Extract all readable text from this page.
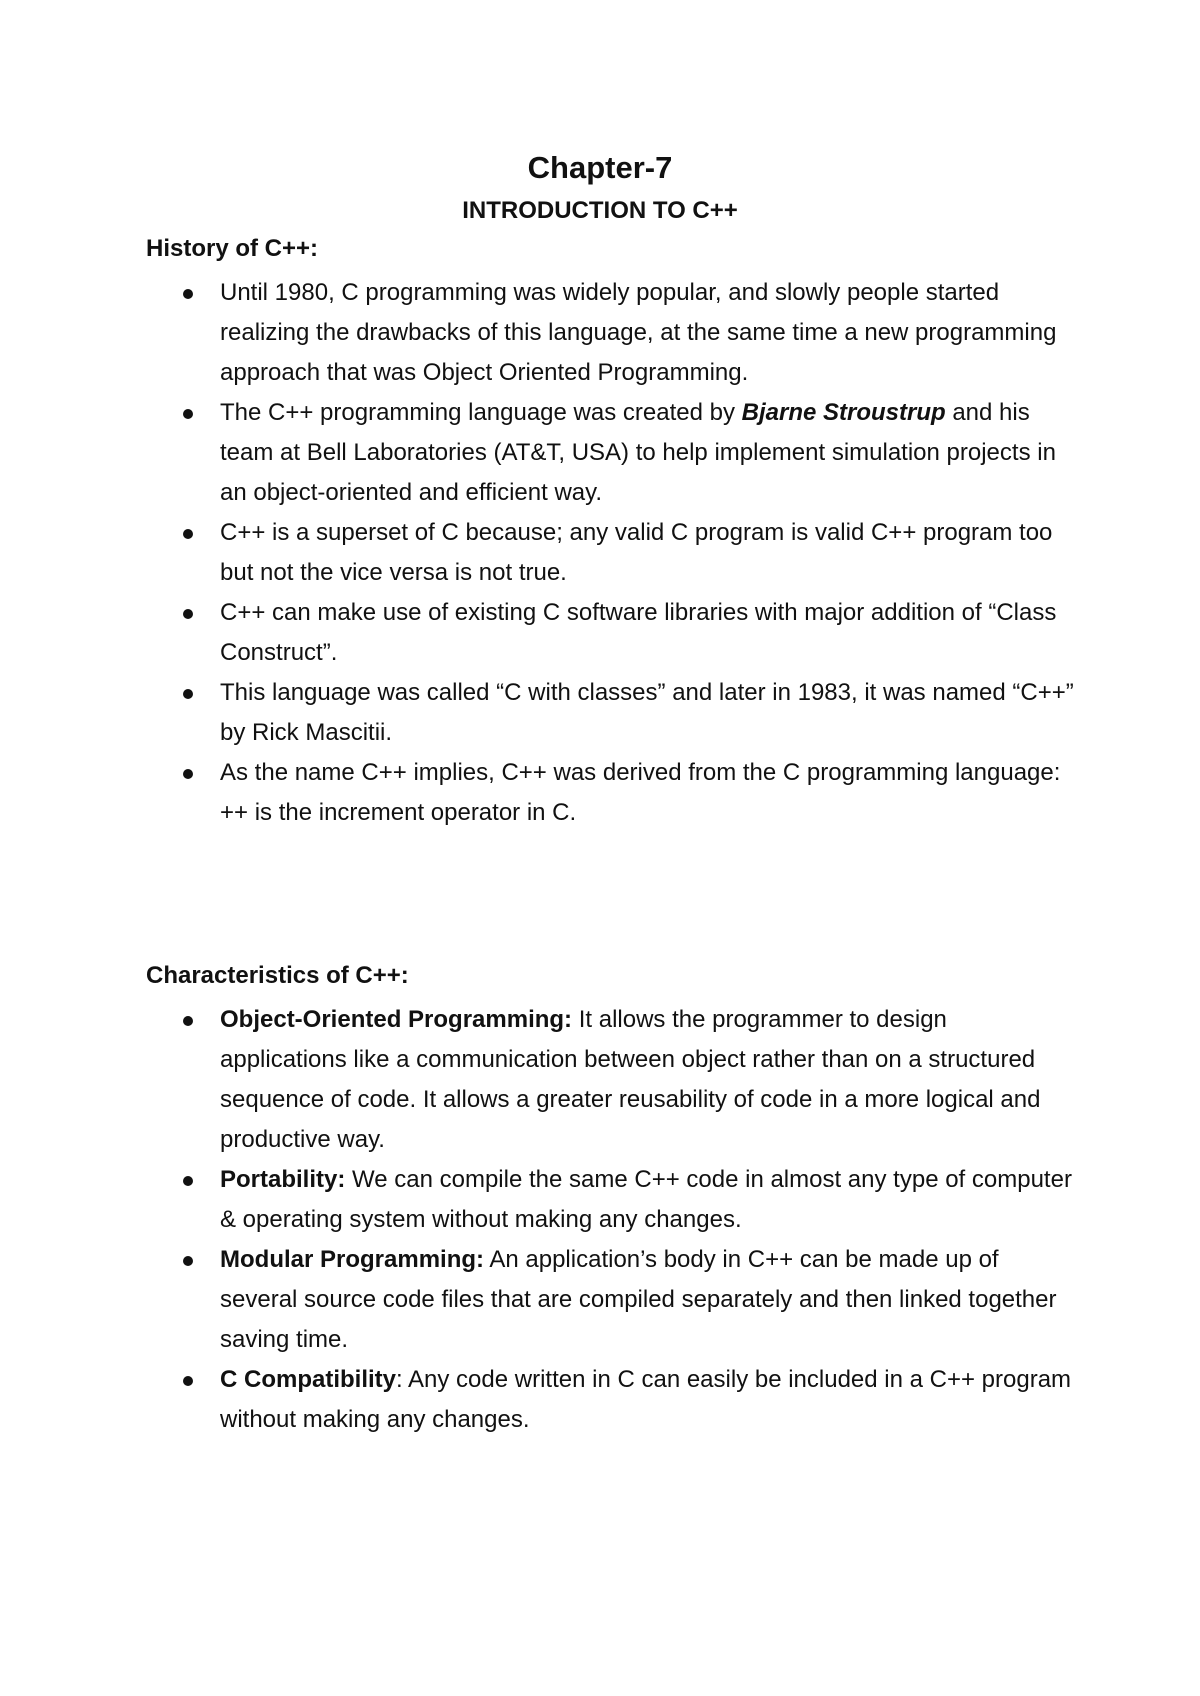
Chapter-7
INTRODUCTION TO C++
History of C++:
Until 1980, C programming was widely popular, and slowly people started realizing the drawbacks of this language, at the same time a new programming approach that was Object Oriented Programming.
The C++ programming language was created by Bjarne Stroustrup and his team at Bell Laboratories (AT&T, USA) to help implement simulation projects in an object-oriented and efficient way.
C++ is a superset of C because; any valid C program is valid C++ program too but not the vice versa is not true.
C++ can make use of existing C software libraries with major addition of “Class Construct”.
This language was called “C with classes” and later in 1983, it was named “C++” by Rick Mascitii.
As the name C++ implies, C++ was derived from the C programming language: ++ is the increment operator in C.
Characteristics of C++:
Object-Oriented Programming: It allows the programmer to design applications like a communication between object rather than on a structured sequence of code. It allows a greater reusability of code in a more logical and productive way.
Portability: We can compile the same C++ code in almost any type of computer & operating system without making any changes.
Modular Programming: An application’s body in C++ can be made up of several source code files that are compiled separately and then linked together saving time.
C Compatibility: Any code written in C can easily be included in a C++ program without making any changes.
